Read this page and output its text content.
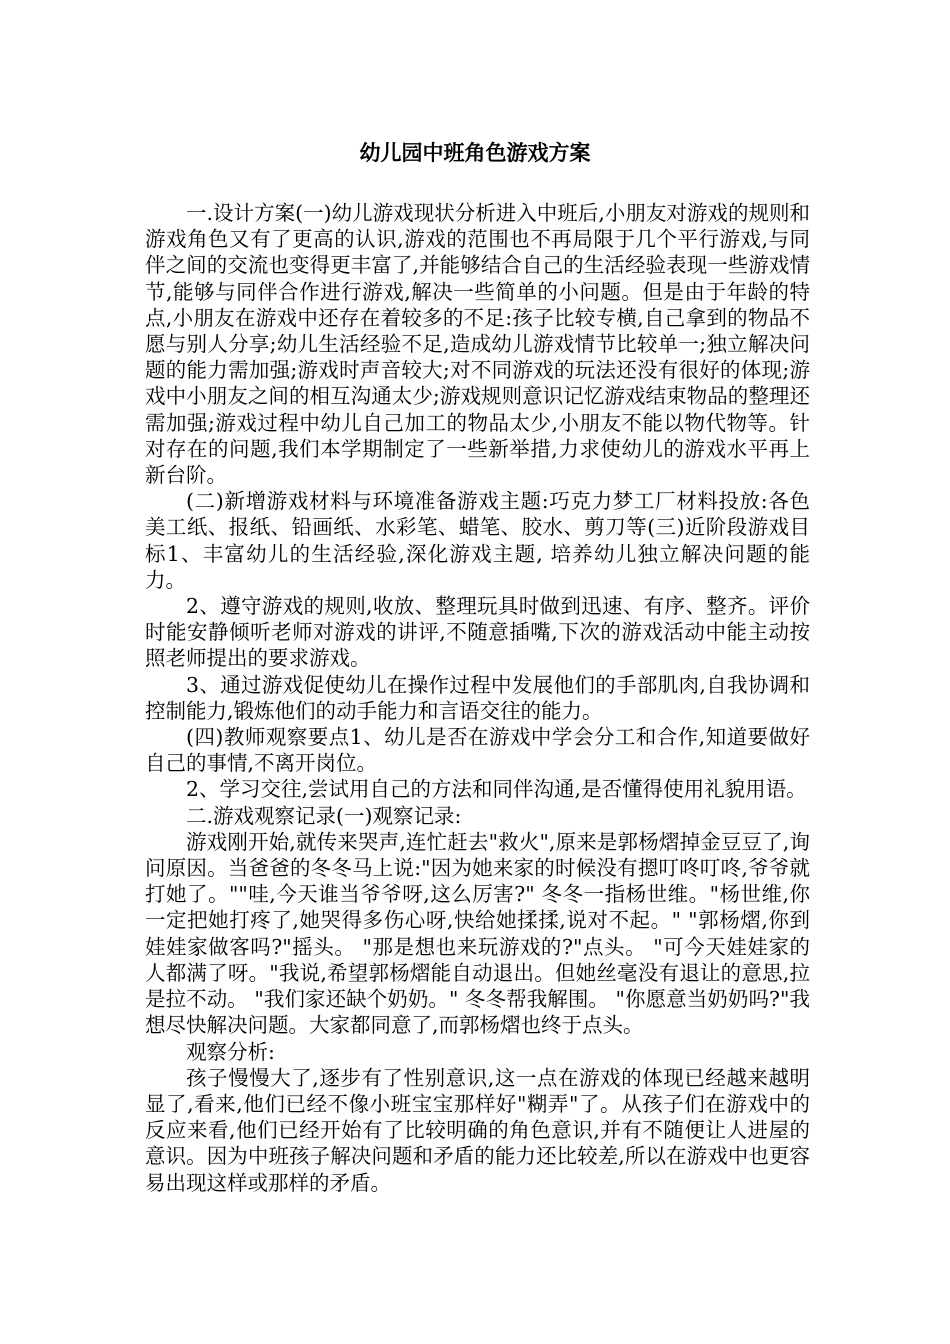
幼儿园中班角色游戏方案

一.设计方案(一)幼儿游戏现状分析进入中班后,小朋友对游戏的规则和游戏角色又有了更高的认识,游戏的范围也不再局限于几个平行游戏,与同伴之间的交流也变得更丰富了,并能够结合自己的生活经验表现一些游戏情节,能够与同伴合作进行游戏,解决一些简单的小问题。但是由于年龄的特点,小朋友在游戏中还存在着较多的不足:孩子比较专横,自己拿到的物品不愿与别人分享;幼儿生活经验不足,造成幼儿游戏情节比较单一;独立解决问题的能力需加强;游戏时声音较大;对不同游戏的玩法还没有很好的体现;游戏中小朋友之间的相互沟通太少;游戏规则意识记忆游戏结束物品的整理还需加强;游戏过程中幼儿自己加工的物品太少,小朋友不能以物代物等。针对存在的问题,我们本学期制定了一些新举措,力求使幼儿的游戏水平再上新台阶。

(二)新增游戏材料与环境准备游戏主题:巧克力梦工厂材料投放:各色美工纸、报纸、铅画纸、水彩笔、蜡笔、胶水、剪刀等(三)近阶段游戏目标1、丰富幼儿的生活经验,深化游戏主题, 培养幼儿独立解决问题的能力。

2、遵守游戏的规则,收放、整理玩具时做到迅速、有序、整齐。评价时能安静倾听老师对游戏的讲评,不随意插嘴,下次的游戏活动中能主动按照老师提出的要求游戏。

3、通过游戏促使幼儿在操作过程中发展他们的手部肌肉,自我协调和控制能力,锻炼他们的动手能力和言语交往的能力。

(四)教师观察要点1、幼儿是否在游戏中学会分工和合作,知道要做好自己的事情,不离开岗位。

2、学习交往,尝试用自己的方法和同伴沟通,是否懂得使用礼貌用语。

二.游戏观察记录(一)观察记录:

游戏刚开始,就传来哭声,连忙赶去"救火",原来是郭杨熠掉金豆豆了,询问原因。当爸爸的冬冬马上说:"因为她来家的时候没有摁叮咚叮咚,爷爷就打她了。""哇,今天谁当爷爷呀,这么厉害?" 冬冬一指杨世维。"杨世维,你一定把她打疼了,她哭得多伤心呀,快给她揉揉,说对不起。" "郭杨熠,你到娃娃家做客吗?"摇头。 "那是想也来玩游戏的?"点头。 "可今天娃娃家的人都满了呀。"我说,希望郭杨熠能自动退出。但她丝毫没有退让的意思,拉是拉不动。 "我们家还缺个奶奶。" 冬冬帮我解围。 "你愿意当奶奶吗?"我想尽快解决问题。大家都同意了,而郭杨熠也终于点头。

观察分析:

孩子慢慢大了,逐步有了性别意识,这一点在游戏的体现已经越来越明显了,看来,他们已经不像小班宝宝那样好"糊弄"了。从孩子们在游戏中的反应来看,他们已经开始有了比较明确的角色意识,并有不随便让人进屋的意识。因为中班孩子解决问题和矛盾的能力还比较差,所以在游戏中也更容易出现这样或那样的矛盾。
